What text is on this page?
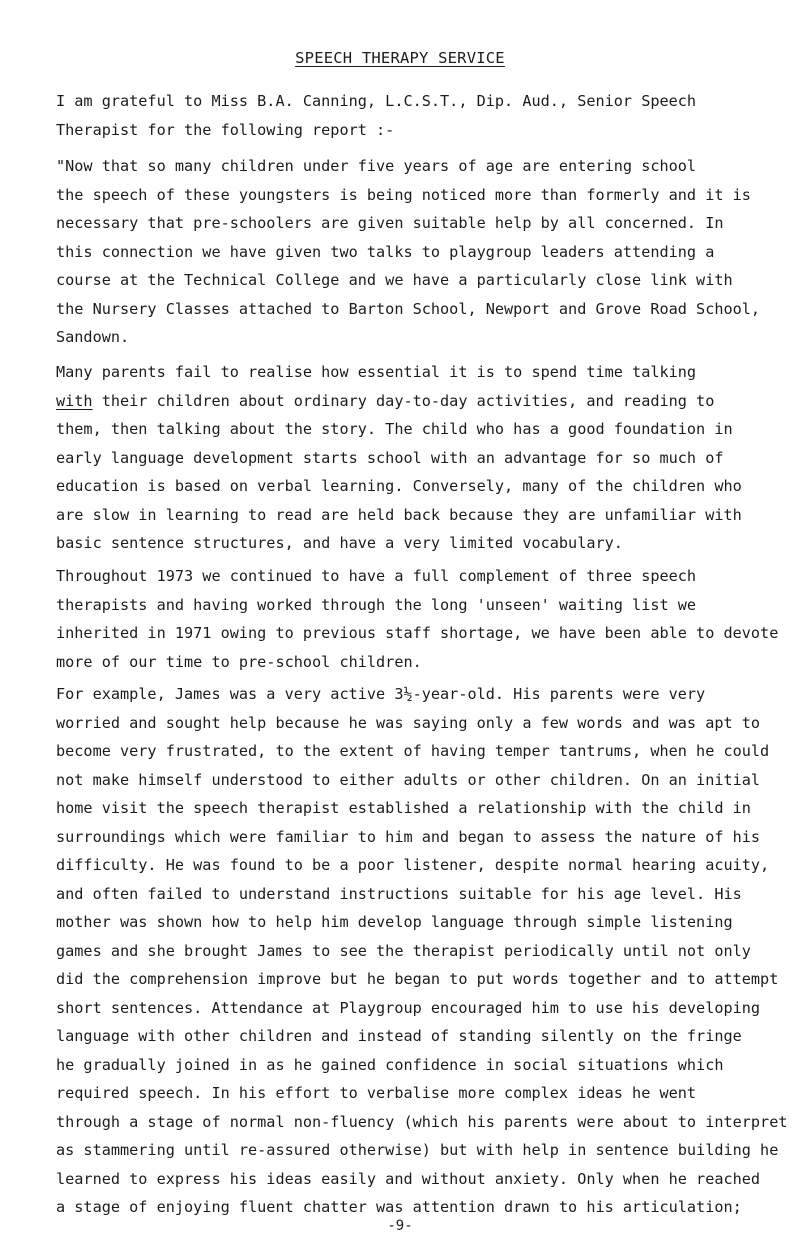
SPEECH THERAPY SERVICE
I am grateful to Miss B.A. Canning, L.C.S.T., Dip. Aud., Senior Speech
Therapist for the following report :-
"Now that so many children under five years of age are entering school
the speech of these youngsters is being noticed more than formerly and it is
necessary that pre-schoolers are given suitable help by all concerned. In
this connection we have given two talks to playgroup leaders attending a
course at the Technical College and we have a particularly close link with
the Nursery Classes attached to Barton School, Newport and Grove Road School,
Sandown.
Many parents fail to realise how essential it is to spend time talking
with their children about ordinary day-to-day activities, and reading to
them, then talking about the story. The child who has a good foundation in
early language development starts school with an advantage for so much of
education is based on verbal learning. Conversely, many of the children who
are slow in learning to read are held back because they are unfamiliar with
basic sentence structures, and have a very limited vocabulary.
Throughout 1973 we continued to have a full complement of three speech
therapists and having worked through the long 'unseen' waiting list we
inherited in 1971 owing to previous staff shortage, we have been able to devote
more of our time to pre-school children.
For example, James was a very active 3½-year-old. His parents were very
worried and sought help because he was saying only a few words and was apt to
become very frustrated, to the extent of having temper tantrums, when he could
not make himself understood to either adults or other children. On an initial
home visit the speech therapist established a relationship with the child in
surroundings which were familiar to him and began to assess the nature of his
difficulty. He was found to be a poor listener, despite normal hearing acuity,
and often failed to understand instructions suitable for his age level. His
mother was shown how to help him develop language through simple listening
games and she brought James to see the therapist periodically until not only
did the comprehension improve but he began to put words together and to attempt
short sentences. Attendance at Playgroup encouraged him to use his developing
language with other children and instead of standing silently on the fringe
he gradually joined in as he gained confidence in social situations which
required speech. In his effort to verbalise more complex ideas he went
through a stage of normal non-fluency (which his parents were about to interpret
as stammering until re-assured otherwise) but with help in sentence building he
learned to express his ideas easily and without anxiety. Only when he reached
a stage of enjoying fluent chatter was attention drawn to his articulation;
-9-
